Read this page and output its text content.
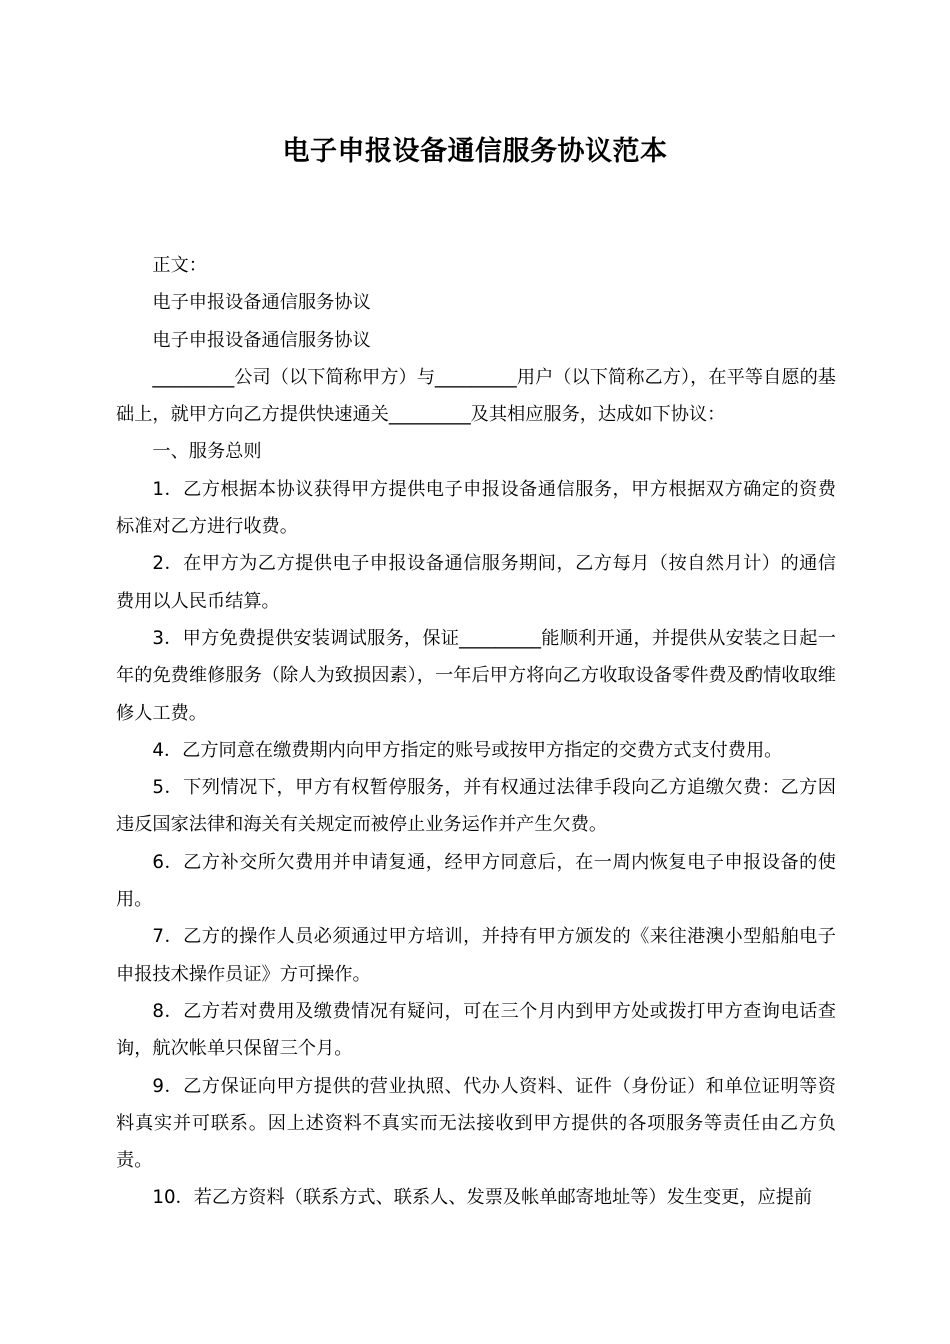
电子申报设备通信服务协议范本

正文：

电子申报设备通信服务协议

电子申报设备通信服务协议

_________公司（以下简称甲方）与_________用户（以下简称乙方），在平等自愿的基础上，就甲方向乙方提供快速通关_________及其相应服务，达成如下协议：

一、服务总则

1．乙方根据本协议获得甲方提供电子申报设备通信服务，甲方根据双方确定的资费标准对乙方进行收费。

2．在甲方为乙方提供电子申报设备通信服务期间，乙方每月（按自然月计）的通信费用以人民币结算。

3．甲方免费提供安装调试服务，保证_________能顺利开通，并提供从安装之日起一年的免费维修服务（除人为致损因素），一年后甲方将向乙方收取设备零件费及酌情收取维修人工费。

4．乙方同意在缴费期内向甲方指定的账号或按甲方指定的交费方式支付费用。

5．下列情况下，甲方有权暂停服务，并有权通过法律手段向乙方追缴欠费：乙方因违反国家法律和海关有关规定而被停止业务运作并产生欠费。

6．乙方补交所欠费用并申请复通，经甲方同意后，在一周内恢复电子申报设备的使用。

7．乙方的操作人员必须通过甲方培训，并持有甲方颁发的《来往港澳小型船舶电子申报技术操作员证》方可操作。

8．乙方若对费用及缴费情况有疑问，可在三个月内到甲方处或拨打甲方查询电话查询，航次帐单只保留三个月。

9．乙方保证向甲方提供的营业执照、代办人资料、证件（身份证）和单位证明等资料真实并可联系。因上述资料不真实而无法接收到甲方提供的各项服务等责任由乙方负责。

10．若乙方资料（联系方式、联系人、发票及帐单邮寄地址等）发生变更，应提前
